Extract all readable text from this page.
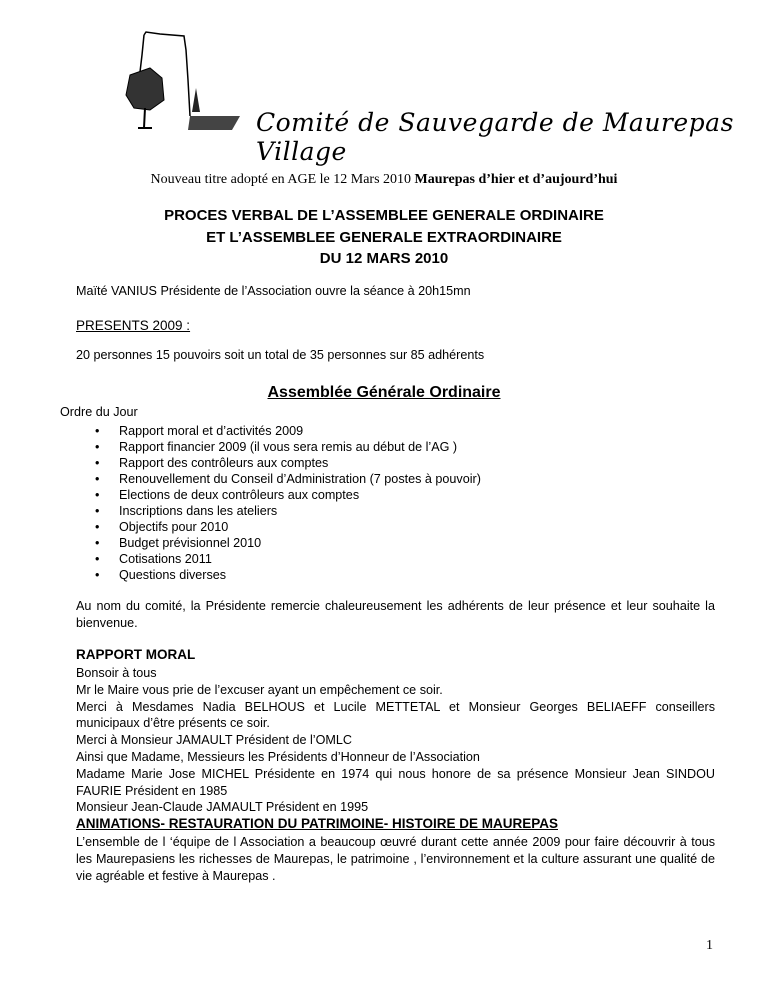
Comité de Sauvegarde de Maurepas Village
Nouveau titre adopté en AGE le 12 Mars 2010 Maurepas d’hier et d’aujourd’hui
PROCES VERBAL DE L’ASSEMBLEE GENERALE ORDINAIRE
ET L’ASSEMBLEE GENERALE EXTRAORDINAIRE
DU 12 MARS 2010
Maïté VANIUS Présidente de l’Association ouvre la séance à 20h15mn
PRESENTS 2009 :
20 personnes 15 pouvoirs soit un total de 35 personnes sur 85 adhérents
Assemblée Générale Ordinaire
Ordre du Jour
• Rapport moral et d’activités 2009
• Rapport financier 2009 (il vous sera remis au début de l’AG )
• Rapport des contrôleurs aux comptes
• Renouvellement du Conseil d’Administration (7 postes à pouvoir)
• Elections de deux contrôleurs aux comptes
• Inscriptions dans les ateliers
• Objectifs pour 2010
• Budget prévisionnel 2010
• Cotisations 2011
• Questions diverses
Au nom du comité, la Présidente remercie chaleureusement les adhérents de leur présence et leur souhaite la bienvenue.
RAPPORT MORAL
Bonsoir à tous
Mr le Maire vous prie de l’excuser ayant un empêchement ce soir.
Merci à Mesdames Nadia BELHOUS et Lucile METTETAL et Monsieur Georges BELIAEFF conseillers municipaux d’être présents ce soir.
Merci à Monsieur JAMAULT Président de l’OMLC
Ainsi que Madame, Messieurs les Présidents d’Honneur de l’Association
Madame Marie Jose MICHEL Présidente en 1974 qui nous honore de sa présence Monsieur Jean SINDOU FAURIE Président en 1985
Monsieur Jean-Claude JAMAULT Président en 1995
ANIMATIONS- RESTAURATION DU PATRIMOINE- HISTOIRE DE MAUREPAS
L’ensemble de l ‘équipe de l Association a beaucoup œuvré durant cette année 2009 pour faire découvrir à tous les Maurepasiens les richesses de Maurepas, le patrimoine , l’environnement et la culture assurant une qualité de vie agréable et festive à Maurepas .
1
